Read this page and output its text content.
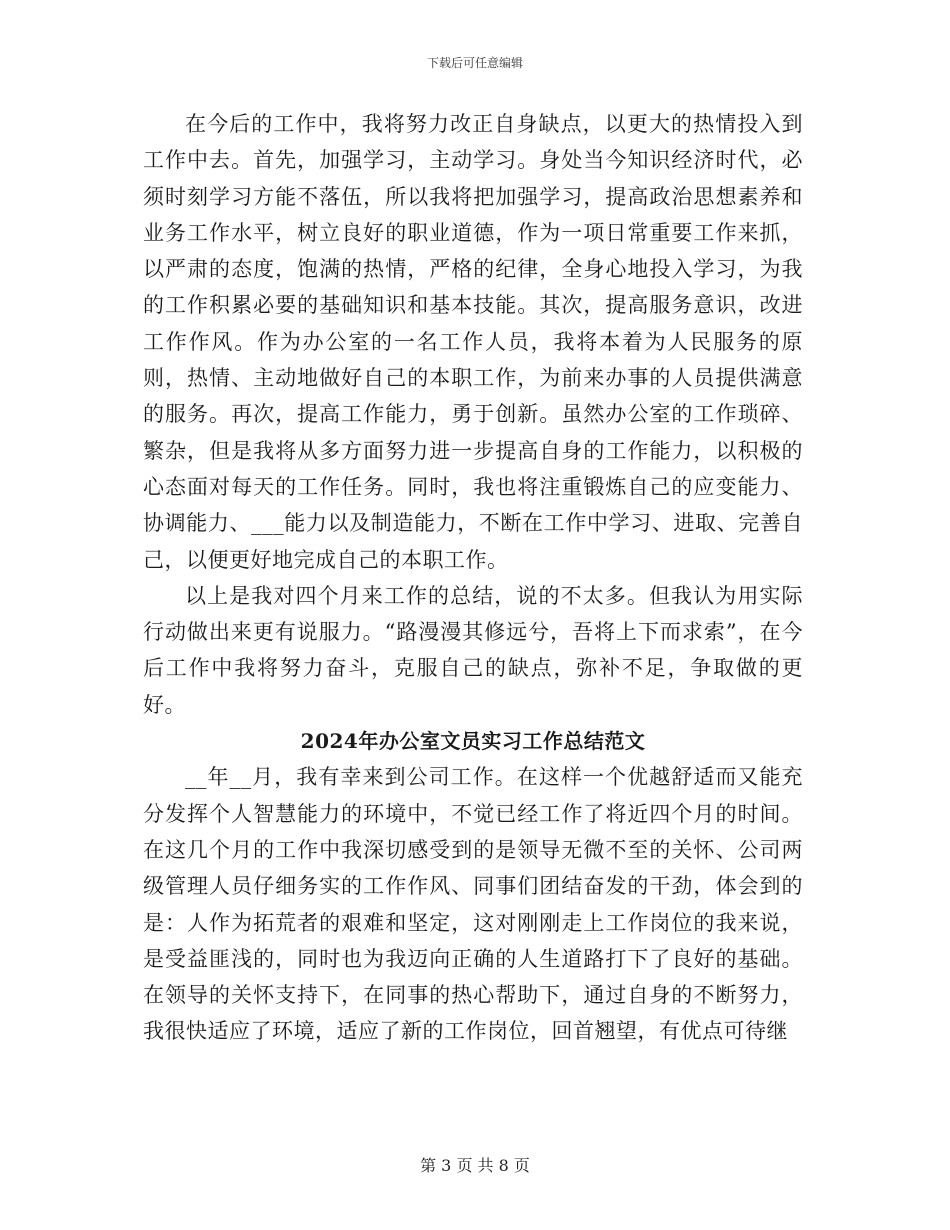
下载后可任意编辑

在今后的工作中，我将努力改正自身缺点，以更大的热情投入到工作中去。首先，加强学习，主动学习。身处当今知识经济时代，必须时刻学习方能不落伍，所以我将把加强学习，提高政治思想素养和业务工作水平，树立良好的职业道德，作为一项日常重要工作来抓，以严肃的态度，饱满的热情，严格的纪律，全身心地投入学习，为我的工作积累必要的基础知识和基本技能。其次，提高服务意识，改进工作作风。作为办公室的一名工作人员，我将本着为人民服务的原则，热情、主动地做好自己的本职工作，为前来办事的人员提供满意的服务。再次，提高工作能力，勇于创新。虽然办公室的工作琐碎、繁杂，但是我将从多方面努力进一步提高自身的工作能力，以积极的心态面对每天的工作任务。同时，我也将注重锻炼自己的应变能力、协调能力、___能力以及制造能力，不断在工作中学习、进取、完善自己，以便更好地完成自己的本职工作。

以上是我对四个月来工作的总结，说的不太多。但我认为用实际行动做出来更有说服力。“路漫漫其修远兮，吾将上下而求索”，在今后工作中我将努力奋斗，克服自己的缺点，弥补不足，争取做的更好。

2024年办公室文员实习工作总结范文

__年__月，我有幸来到公司工作。在这样一个优越舒适而又能充分发挥个人智慧能力的环境中，不觉已经工作了将近四个月的时间。在这几个月的工作中我深切感受到的是领导无微不至的关怀、公司两级管理人员仔细务实的工作作风、同事们团结奋发的干劲，体会到的是：人作为拓荒者的艰难和坚定，这对刚刚走上工作岗位的我来说，是受益匪浅的，同时也为我迈向正确的人生道路打下了良好的基础。在领导的关怀支持下，在同事的热心帮助下，通过自身的不断努力，我很快适应了环境，适应了新的工作岗位，回首翘望，有优点可待继

第 3 页 共 8 页
